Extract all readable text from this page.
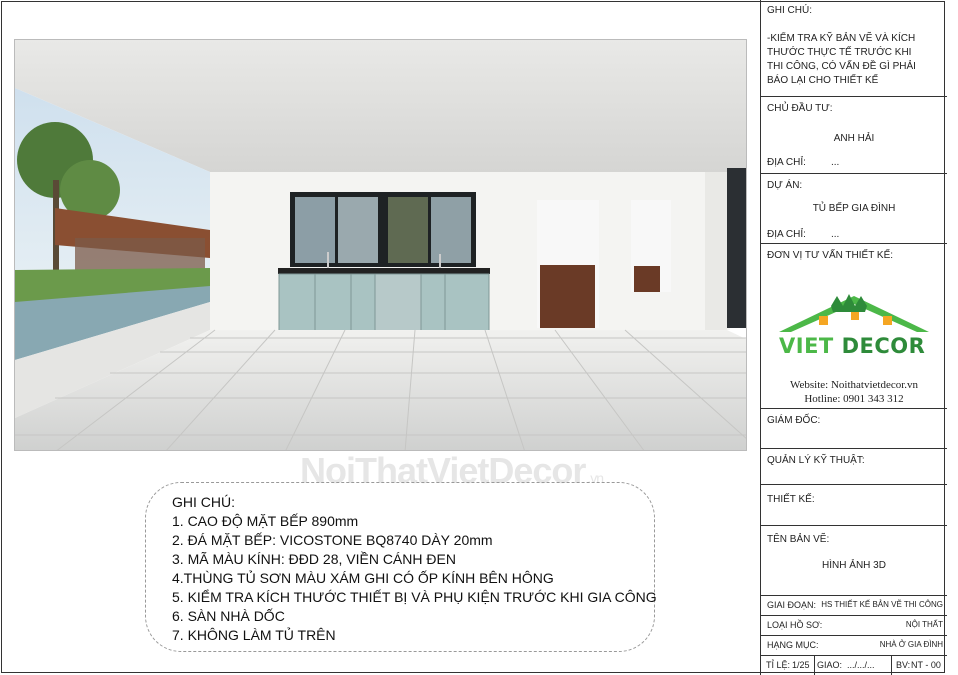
NoiThatVietDecor .vn
GHI CHÚ:
1. CAO ĐỘ MẶT BẾP 890mm
2. ĐÁ MẶT BẾP: VICOSTONE BQ8740 DÀY 20mm
3. MÃ MÀU KÍNH: ĐĐD 28, VIỀN CÁNH ĐEN
4.THÙNG TỦ SƠN MÀU XÁM GHI CÓ ỐP KÍNH BÊN HÔNG
5. KIỂM TRA KÍCH THƯỚC THIẾT BỊ VÀ PHỤ KIỆN TRƯỚC KHI GIA CÔNG
6. SÀN NHÀ DỐC
7. KHÔNG LÀM TỦ TRÊN
GHI CHÚ:
-KIỂM TRA KỸ BẢN VẼ VÀ KÍCH
THƯỚC THỰC TẾ TRƯỚC KHI
THI CÔNG, CÓ VẤN ĐỀ GÌ PHẢI
BÁO LẠI CHO THIẾT KẾ
CHỦ ĐẦU TƯ:
ANH HẢI
ĐỊA CHỈ:	...
DỰ ÁN:
TỦ BẾP GIA ĐÌNH
ĐỊA CHỈ:	...
ĐƠN VỊ TƯ VẤN THIẾT KẾ:
VIET DECOR
Website: Noithatvietdecor.vn
Hotline: 0901 343 312
GIÁM ĐỐC:
QUẢN LÝ KỸ THUẬT:
THIẾT KẾ:
TÊN BẢN VẼ:
HÌNH ẢNH 3D
GIAI ĐOẠN: HS THIẾT KẾ BẢN VẼ THI CÔNG
LOẠI HỒ SƠ:	NỘI THẤT
HẠNG MỤC:	NHÀ Ở GIA ĐÌNH
TỈ LỆ: 1/25 GIAO: .../.../... BV: NT - 00
